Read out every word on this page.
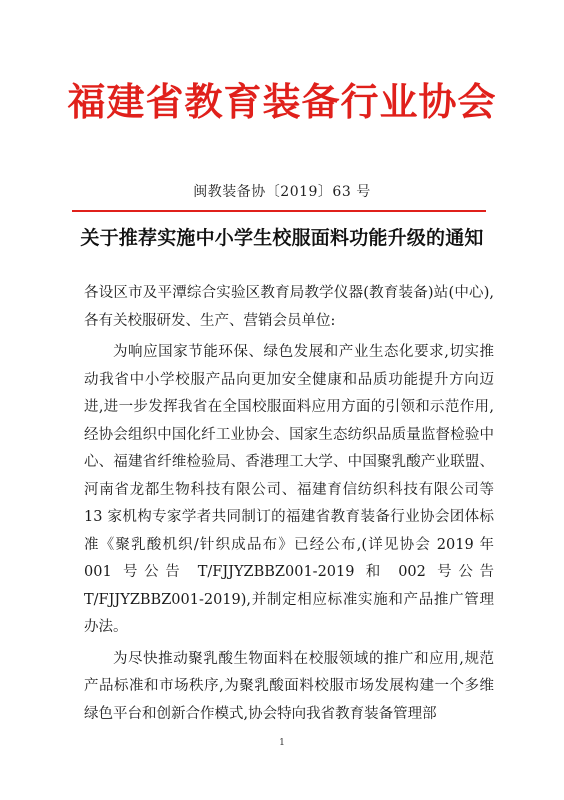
福建省教育装备行业协会
闽教装备协〔2019〕63 号
关于推荐实施中小学生校服面料功能升级的通知

各设区市及平潭综合实验区教育局教学仪器(教育装备)站(中心),各有关校服研发、生产、营销会员单位:

为响应国家节能环保、绿色发展和产业生态化要求,切实推动我省中小学校服产品向更加安全健康和品质功能提升方向迈进,进一步发挥我省在全国校服面料应用方面的引领和示范作用,经协会组织中国化纤工业协会、国家生态纺织品质量监督检验中心、福建省纤维检验局、香港理工大学、中国聚乳酸产业联盟、河南省龙都生物科技有限公司、福建育信纺织科技有限公司等 13 家机构专家学者共同制订的福建省教育装备行业协会团体标准《聚乳酸机织/针织成品布》已经公布,(详见协会 2019 年 001 号公告 T/FJJYZBBZ001-2019 和 002 号公告 T/FJJYZBBZ001-2019),并制定相应标准实施和产品推广管理办法。

为尽快推动聚乳酸生物面料在校服领域的推广和应用,规范产品标准和市场秩序,为聚乳酸面料校服市场发展构建一个多维绿色平台和创新合作模式,协会特向我省教育装备管理部

1
